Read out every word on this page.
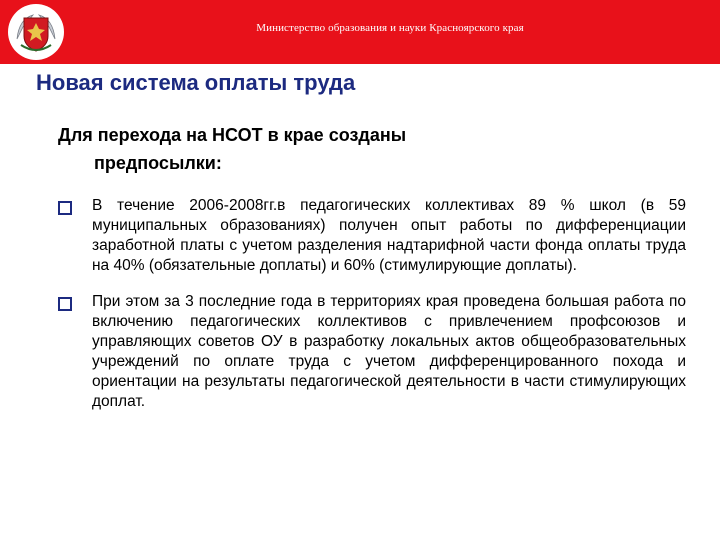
Министерство образования и науки Красноярского края
Новая система оплаты труда

Для перехода на НСОТ в крае созданы
предпосылки:

В течение 2006-2008гг.в педагогических коллективах 89 % школ (в 59 муниципальных образованиях) получен опыт работы по дифференциации заработной платы с учетом разделения надтарифной части фонда оплаты труда на 40% (обязательные доплаты) и 60% (стимулирующие доплаты).
При этом за 3 последние года в территориях края проведена большая работа по включению педагогических коллективов с привлечением профсоюзов и управляющих советов ОУ в разработку локальных актов общеобразовательных учреждений по оплате труда с учетом дифференцированного похода и ориентации на результаты педагогической деятельности в части стимулирующих доплат.
